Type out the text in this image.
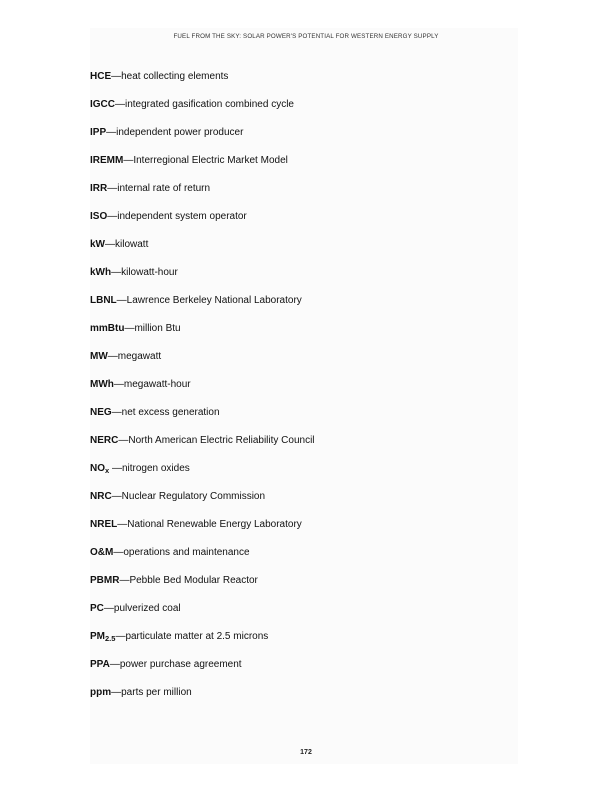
FUEL FROM THE SKY: SOLAR POWER'S POTENTIAL FOR WESTERN ENERGY SUPPLY
HCE—heat collecting elements
IGCC—integrated gasification combined cycle
IPP—independent power producer
IREMM—Interregional Electric Market Model
IRR—internal rate of return
ISO—independent system operator
kW—kilowatt
kWh—kilowatt-hour
LBNL—Lawrence Berkeley National Laboratory
mmBtu—million Btu
MW—megawatt
MWh—megawatt-hour
NEG—net excess generation
NERC—North American Electric Reliability Council
$NO_x$ —nitrogen oxides
NRC—Nuclear Regulatory Commission
NREL—National Renewable Energy Laboratory
O&M—operations and maintenance
PBMR—Pebble Bed Modular Reactor
PC—pulverized coal
$PM_{2.5}—particulate$ matter at 2.5 microns
PPA—power purchase agreement
ppm—parts per million
172
